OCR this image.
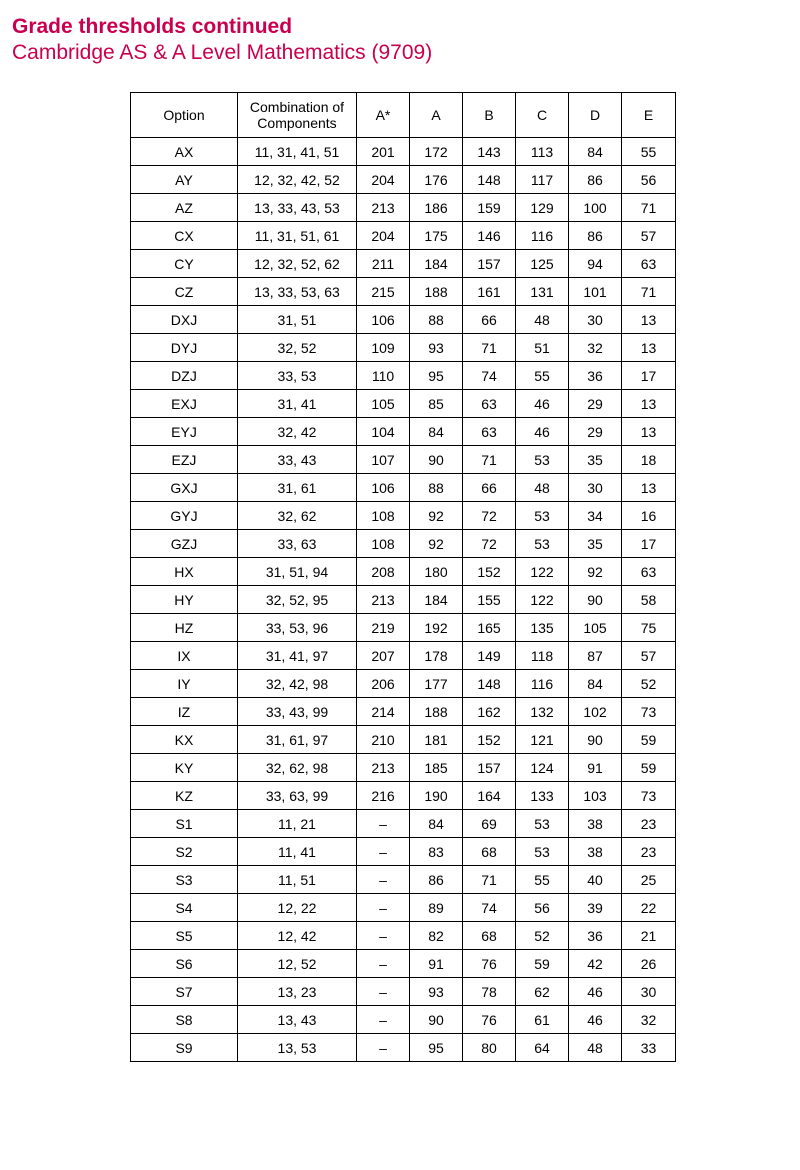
Grade thresholds continued
Cambridge AS & A Level Mathematics (9709)
Option	Combination of Components	A*	A	B	C	D	E
AX	11, 31, 41, 51	201	172	143	113	84	55
AY	12, 32, 42, 52	204	176	148	117	86	56
AZ	13, 33, 43, 53	213	186	159	129	100	71
CX	11, 31, 51, 61	204	175	146	116	86	57
CY	12, 32, 52, 62	211	184	157	125	94	63
CZ	13, 33, 53, 63	215	188	161	131	101	71
DXJ	31, 51	106	88	66	48	30	13
DYJ	32, 52	109	93	71	51	32	13
DZJ	33, 53	110	95	74	55	36	17
EXJ	31, 41	105	85	63	46	29	13
EYJ	32, 42	104	84	63	46	29	13
EZJ	33, 43	107	90	71	53	35	18
GXJ	31, 61	106	88	66	48	30	13
GYJ	32, 62	108	92	72	53	34	16
GZJ	33, 63	108	92	72	53	35	17
HX	31, 51, 94	208	180	152	122	92	63
HY	32, 52, 95	213	184	155	122	90	58
HZ	33, 53, 96	219	192	165	135	105	75
IX	31, 41, 97	207	178	149	118	87	57
IY	32, 42, 98	206	177	148	116	84	52
IZ	33, 43, 99	214	188	162	132	102	73
KX	31, 61, 97	210	181	152	121	90	59
KY	32, 62, 98	213	185	157	124	91	59
KZ	33, 63, 99	216	190	164	133	103	73
S1	11, 21	–	84	69	53	38	23
S2	11, 41	–	83	68	53	38	23
S3	11, 51	–	86	71	55	40	25
S4	12, 22	–	89	74	56	39	22
S5	12, 42	–	82	68	52	36	21
S6	12, 52	–	91	76	59	42	26
S7	13, 23	–	93	78	62	46	30
S8	13, 43	–	90	76	61	46	32
S9	13, 53	–	95	80	64	48	33
